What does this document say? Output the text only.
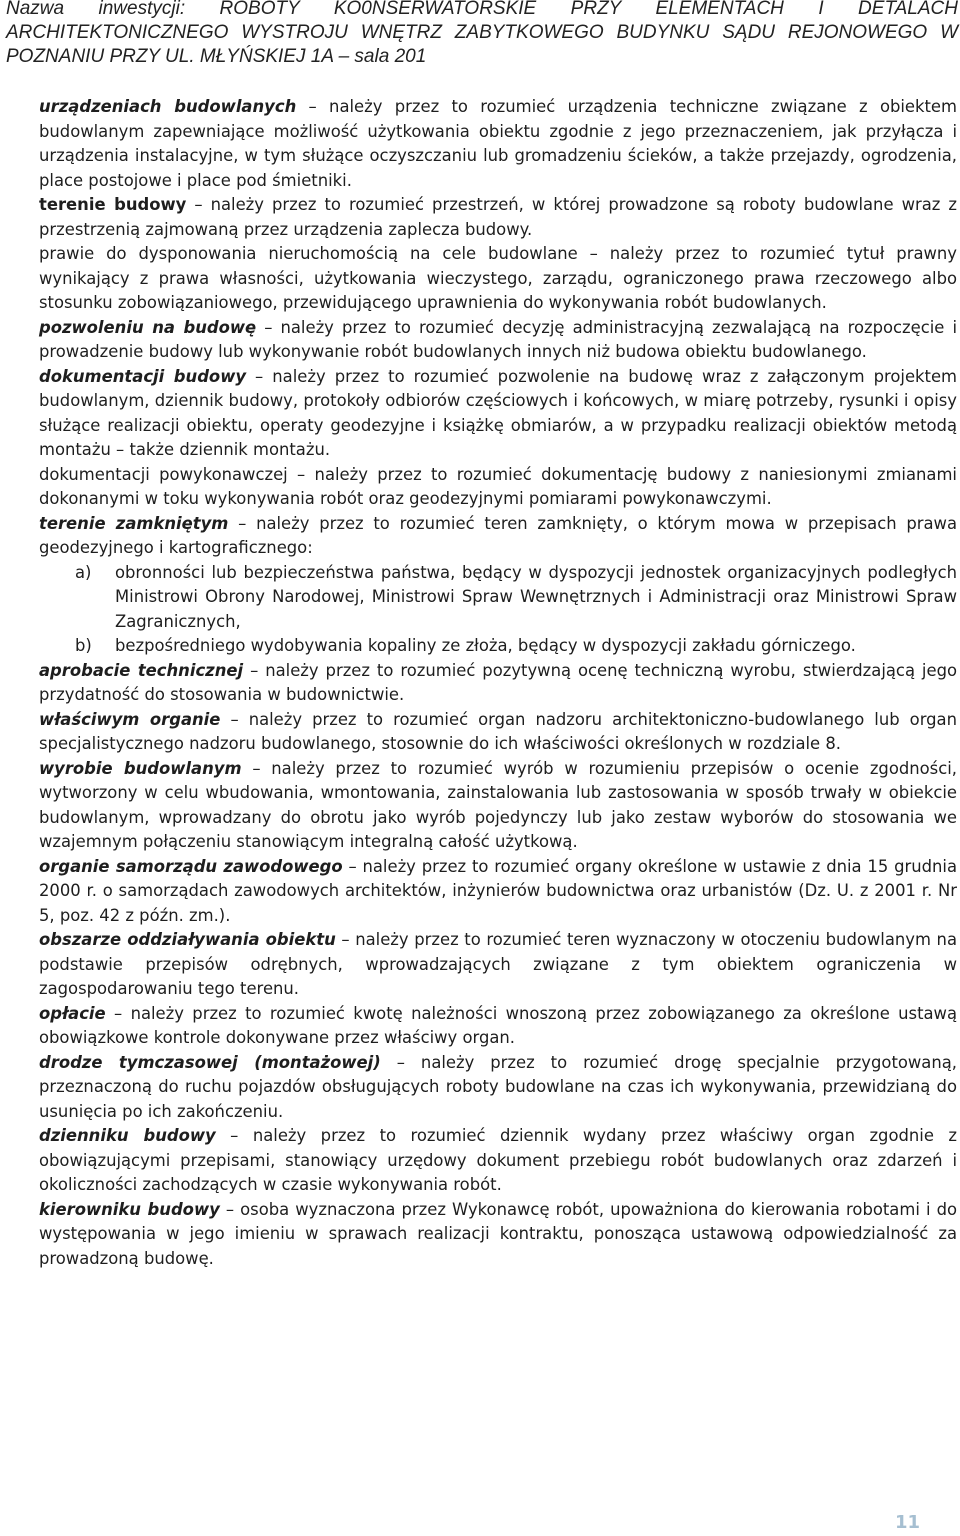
Nazwa inwestycji: ROBOTY KO0NSERWATORSKIE PRZY ELEMENTACH I DETALACH
ARCHITEKTONICZNEGO WYSTROJU WNĘTRZ ZABYTKOWEGO BUDYNKU SĄDU REJONOWEGO W
POZNANIU PRZY UL. MŁYŃSKIEJ 1A – sala 201

urządzeniach budowlanych – należy przez to rozumieć urządzenia techniczne związane z obiektem budowlanym zapewniające możliwość użytkowania obiektu zgodnie z jego przeznaczeniem, jak przyłącza i urządzenia instalacyjne, w tym służące oczyszczaniu lub gromadzeniu ścieków, a także przejazdy, ogrodzenia, place postojowe i place pod śmietniki.

terenie budowy – należy przez to rozumieć przestrzeń, w której prowadzone są roboty budowlane wraz z przestrzenią zajmowaną przez urządzenia zaplecza budowy.

prawie do dysponowania nieruchomością na cele budowlane – należy przez to rozumieć tytuł prawny wynikający z prawa własności, użytkowania wieczystego, zarządu, ograniczonego prawa rzeczowego albo stosunku zobowiązaniowego, przewidującego uprawnienia do wykonywania robót budowlanych.

pozwoleniu na budowę – należy przez to rozumieć decyzję administracyjną zezwalającą na rozpoczęcie i prowadzenie budowy lub wykonywanie robót budowlanych innych niż budowa obiektu budowlanego.

dokumentacji budowy – należy przez to rozumieć pozwolenie na budowę wraz z załączonym projektem budowlanym, dziennik budowy, protokoły odbiorów częściowych i końcowych, w miarę potrzeby, rysunki i opisy służące realizacji obiektu, operaty geodezyjne i książkę obmiarów, a w przypadku realizacji obiektów metodą montażu – także dziennik montażu.

dokumentacji powykonawczej – należy przez to rozumieć dokumentację budowy z naniesionymi zmianami dokonanymi w toku wykonywania robót oraz geodezyjnymi pomiarami powykonawczymi.

terenie zamkniętym – należy przez to rozumieć teren zamknięty, o którym mowa w przepisach prawa geodezyjnego i kartograficznego:

a)	obronności lub bezpieczeństwa państwa, będący w dyspozycji jednostek organizacyjnych podległych Ministrowi Obrony Narodowej, Ministrowi Spraw Wewnętrznych i Administracji oraz Ministrowi Spraw Zagranicznych,
b)	bezpośredniego wydobywania kopaliny ze złoża, będący w dyspozycji zakładu górniczego.

aprobacie technicznej – należy przez to rozumieć pozytywną ocenę techniczną wyrobu, stwierdzającą jego przydatność do stosowania w budownictwie.

właściwym organie – należy przez to rozumieć organ nadzoru architektoniczno-budowlanego lub organ specjalistycznego nadzoru budowlanego, stosownie do ich właściwości określonych w rozdziale 8.

wyrobie budowlanym – należy przez to rozumieć wyrób w rozumieniu przepisów o ocenie zgodności, wytworzony w celu wbudowania, wmontowania, zainstalowania lub zastosowania w sposób trwały w obiekcie budowlanym, wprowadzany do obrotu jako wyrób pojedynczy lub jako zestaw wyborów do stosowania we wzajemnym połączeniu stanowiącym integralną całość użytkową.

organie samorządu zawodowego – należy przez to rozumieć organy określone w ustawie z dnia 15 grudnia 2000 r. o samorządach zawodowych architektów, inżynierów budownictwa oraz urbanistów (Dz. U. z 2001 r. Nr 5, poz. 42 z późn. zm.).

obszarze oddziaływania obiektu – należy przez to rozumieć teren wyznaczony w otoczeniu budowlanym na podstawie przepisów odrębnych, wprowadzających związane z tym obiektem ograniczenia w zagospodarowaniu tego terenu.

opłacie – należy przez to rozumieć kwotę należności wnoszoną przez zobowiązanego za określone ustawą obowiązkowe kontrole dokonywane przez właściwy organ.

drodze tymczasowej (montażowej) – należy przez to rozumieć drogę specjalnie przygotowaną, przeznaczoną do ruchu pojazdów obsługujących roboty budowlane na czas ich wykonywania, przewidzianą do usunięcia po ich zakończeniu.

dzienniku budowy – należy przez to rozumieć dziennik wydany przez właściwy organ zgodnie z obowiązującymi przepisami, stanowiący urzędowy dokument przebiegu robót budowlanych oraz zdarzeń i okoliczności zachodzących w czasie wykonywania robót.

kierowniku budowy – osoba wyznaczona przez Wykonawcę robót, upoważniona do kierowania robotami i do występowania w jego imieniu w sprawach realizacji kontraktu, ponosząca ustawową odpowiedzialność za prowadzoną budowę.

11
